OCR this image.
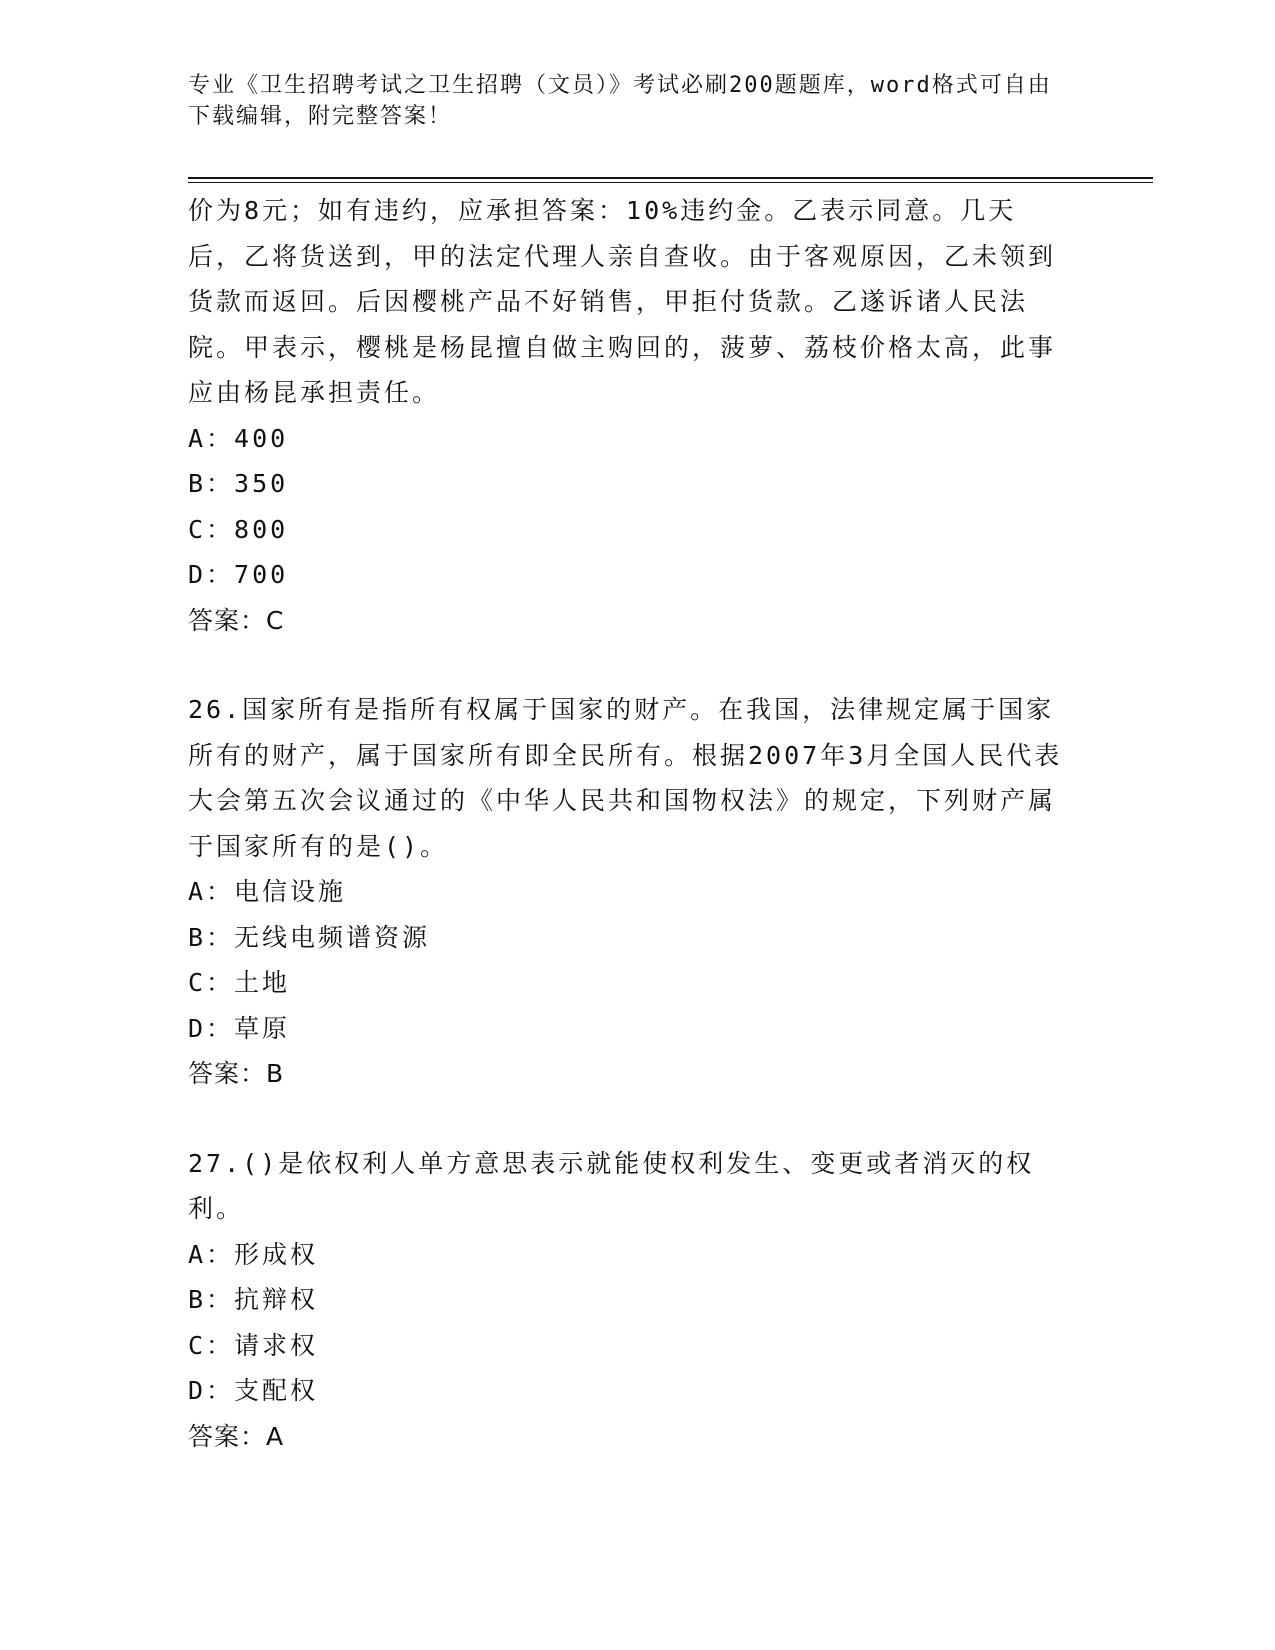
专业《卫生招聘考试之卫生招聘（文员）》考试必刷200题题库，word格式可自由下载编辑，附完整答案！

价为8元；如有违约，应承担答案：10%违约金。乙表示同意。几天后，乙将货送到，甲的法定代理人亲自查收。由于客观原因，乙未领到货款而返回。后因樱桃产品不好销售，甲拒付货款。乙遂诉诸人民法院。甲表示，樱桃是杨昆擅自做主购回的，菠萝、荔枝价格太高，此事应由杨昆承担责任。

A：400

B：350

C：800

D：700

答案：C

26.国家所有是指所有权属于国家的财产。在我国，法律规定属于国家所有的财产，属于国家所有即全民所有。根据2007年3月全国人民代表大会第五次会议通过的《中华人民共和国物权法》的规定，下列财产属于国家所有的是()。

A：电信设施

B：无线电频谱资源

C：土地

D：草原

答案：B

27.()是依权利人单方意思表示就能使权利发生、变更或者消灭的权利。

A：形成权

B：抗辩权

C：请求权

D：支配权

答案：A
